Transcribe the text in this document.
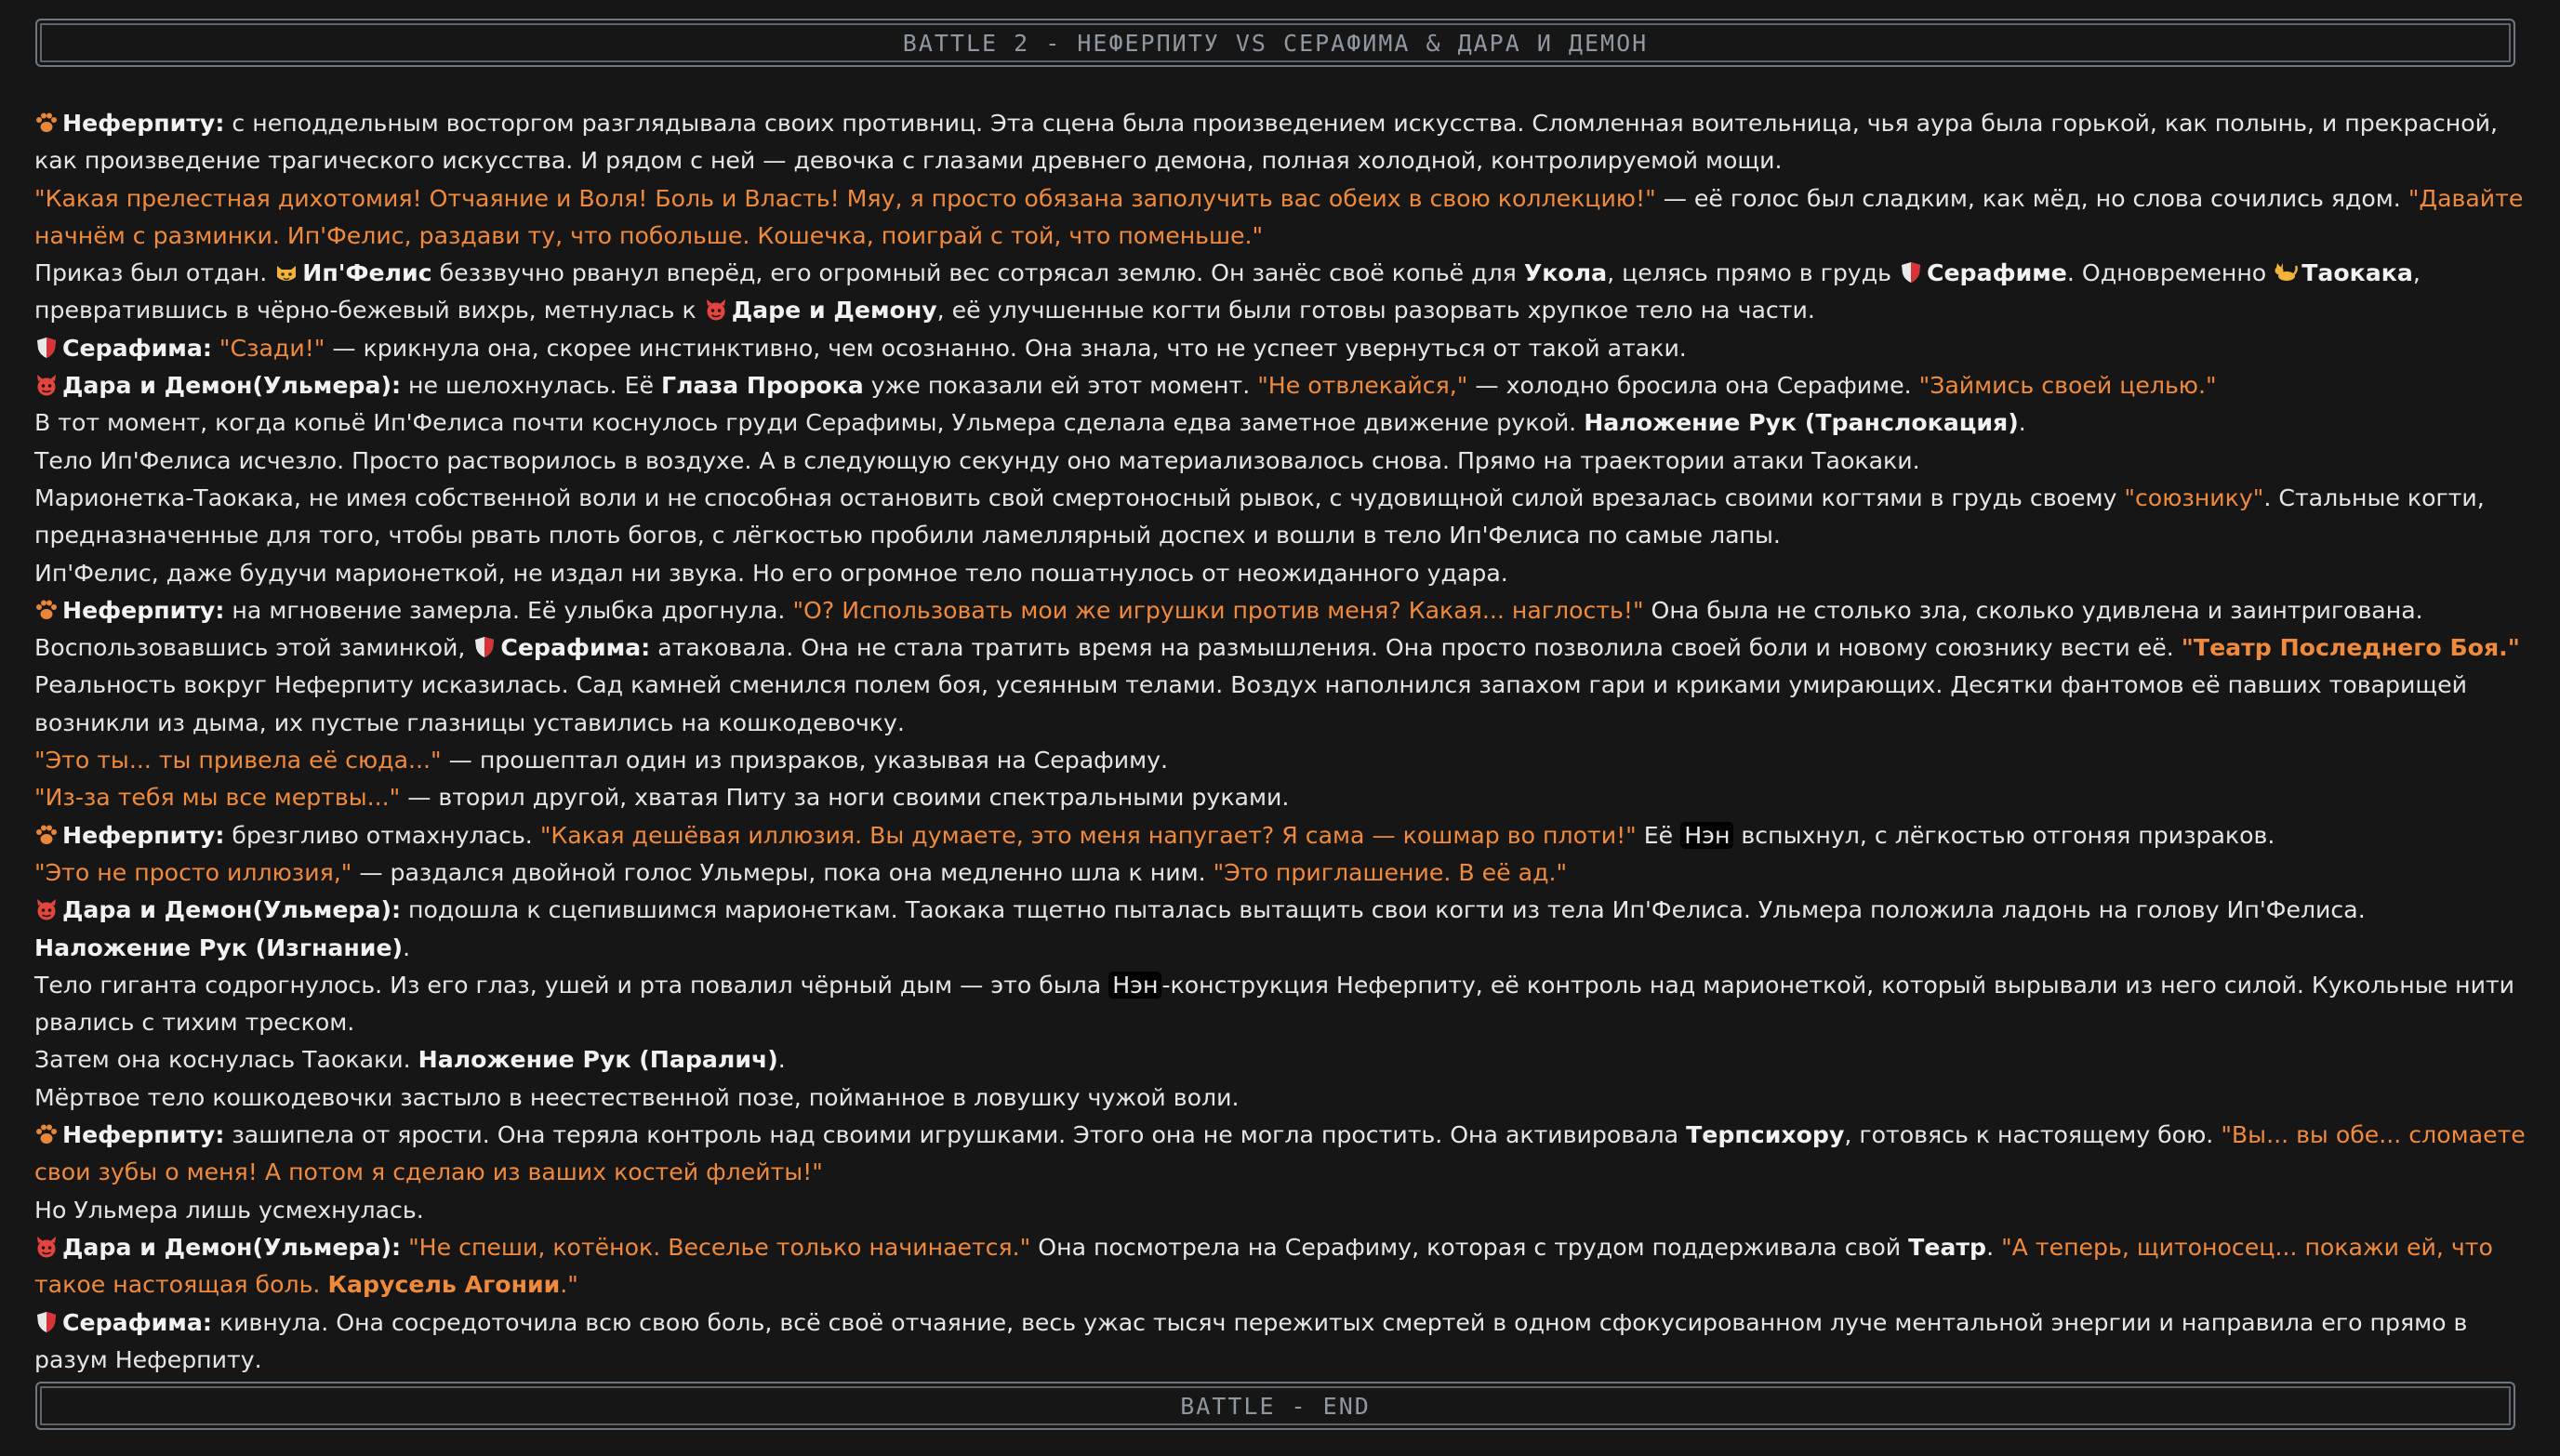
BATTLE 2 - НЕФЕРПИТУ VS СЕРАФИМА & ДАРА И ДЕМОН

Неферпиту: с неподдельным восторгом разглядывала своих противниц. Эта сцена была произведением искусства. Сломленная воительница, чья аура была горькой, как полынь, и прекрасной, как произведение трагического искусства. И рядом с ней — девочка с глазами древнего демона, полная холодной, контролируемой мощи.

"Какая прелестная дихотомия! Отчаяние и Воля! Боль и Власть! Мяу, я просто обязана заполучить вас обеих в свою коллекцию!" — её голос был сладким, как мёд, но слова сочились ядом. "Давайте начнём с разминки. Ип'Фелис, раздави ту, что побольше. Кошечка, поиграй с той, что поменьше."

Приказ был отдан.
Ип'Фелис беззвучно рванул вперёд, его огромный вес сотрясал землю. Он занёс своё копьё для Укола, целясь прямо в грудь
Серафиме. Одновременно
Таокака, превратившись в чёрно-бежевый вихрь, метнулась к
Даре и Демону, её улучшенные когти были готовы разорвать хрупкое тело на части.

Серафима: "Сзади!" — крикнула она, скорее инстинктивно, чем осознанно. Она знала, что не успеет увернуться от такой атаки.

Дара и Демон(Ульмера): не шелохнулась. Её Глаза Пророка уже показали ей этот момент. "Не отвлекайся," — холодно бросила она Серафиме. "Займись своей целью."

В тот момент, когда копьё Ип'Фелиса почти коснулось груди Серафимы, Ульмера сделала едва заметное движение рукой. Наложение Рук (Транслокация).

Тело Ип'Фелиса исчезло. Просто растворилось в воздухе. А в следующую секунду оно материализовалось снова. Прямо на траектории атаки Таокаки.

Марионетка-Таокака, не имея собственной воли и не способная остановить свой смертоносный рывок, с чудовищной силой врезалась своими когтями в грудь своему "союзнику". Стальные когти, предназначенные для того, чтобы рвать плоть богов, с лёгкостью пробили ламеллярный доспех и вошли в тело Ип'Фелиса по самые лапы.

Ип'Фелис, даже будучи марионеткой, не издал ни звука. Но его огромное тело пошатнулось от неожиданного удара.

Неферпиту: на мгновение замерла. Её улыбка дрогнула. "О? Использовать мои же игрушки против меня? Какая... наглость!" Она была не столько зла, сколько удивлена и заинтригована.

Воспользовавшись этой заминкой,
Серафима: атаковала. Она не стала тратить время на размышления. Она просто позволила своей боли и новому союзнику вести её. "Театр Последнего Боя."

Реальность вокруг Неферпиту исказилась. Сад камней сменился полем боя, усеянным телами. Воздух наполнился запахом гари и криками умирающих. Десятки фантомов её павших товарищей возникли из дыма, их пустые глазницы уставились на кошкодевочку.

"Это ты... ты привела её сюда..." — прошептал один из призраков, указывая на Серафиму.

"Из-за тебя мы все мертвы..." — вторил другой, хватая Питу за ноги своими спектральными руками.

Неферпиту: брезгливо отмахнулась. "Какая дешёвая иллюзия. Вы думаете, это меня напугает? Я сама — кошмар во плоти!" Её Нэн вспыхнул, с лёгкостью отгоняя призраков.

"Это не просто иллюзия," — раздался двойной голос Ульмеры, пока она медленно шла к ним. "Это приглашение. В её ад."

Дара и Демон(Ульмера): подошла к сцепившимся марионеткам. Таокака тщетно пыталась вытащить свои когти из тела Ип'Фелиса. Ульмера положила ладонь на голову Ип'Фелиса. Наложение Рук (Изгнание).

Тело гиганта содрогнулось. Из его глаз, ушей и рта повалил чёрный дым — это была Нэн -конструкция Неферпиту, её контроль над марионеткой, который вырывали из него силой. Кукольные нити рвались с тихим треском.

Затем она коснулась Таокаки. Наложение Рук (Паралич).

Мёртвое тело кошкодевочки застыло в неестественной позе, пойманное в ловушку чужой воли.

Неферпиту: зашипела от ярости. Она теряла контроль над своими игрушками. Этого она не могла простить. Она активировала Терпсихору, готовясь к настоящему бою. "Вы... вы обе... сломаете свои зубы о меня! А потом я сделаю из ваших костей флейты!"

Но Ульмера лишь усмехнулась.

Дара и Демон(Ульмера): "Не спеши, котёнок. Веселье только начинается." Она посмотрела на Серафиму, которая с трудом поддерживала свой Театр. "А теперь, щитоносец... покажи ей, что такое настоящая боль. Карусель Агонии."

Серафима: кивнула. Она сосредоточила всю свою боль, всё своё отчаяние, весь ужас тысяч пережитых смертей в одном сфокусированном луче ментальной энергии и направила его прямо в разум Неферпиту.

BATTLE - END
